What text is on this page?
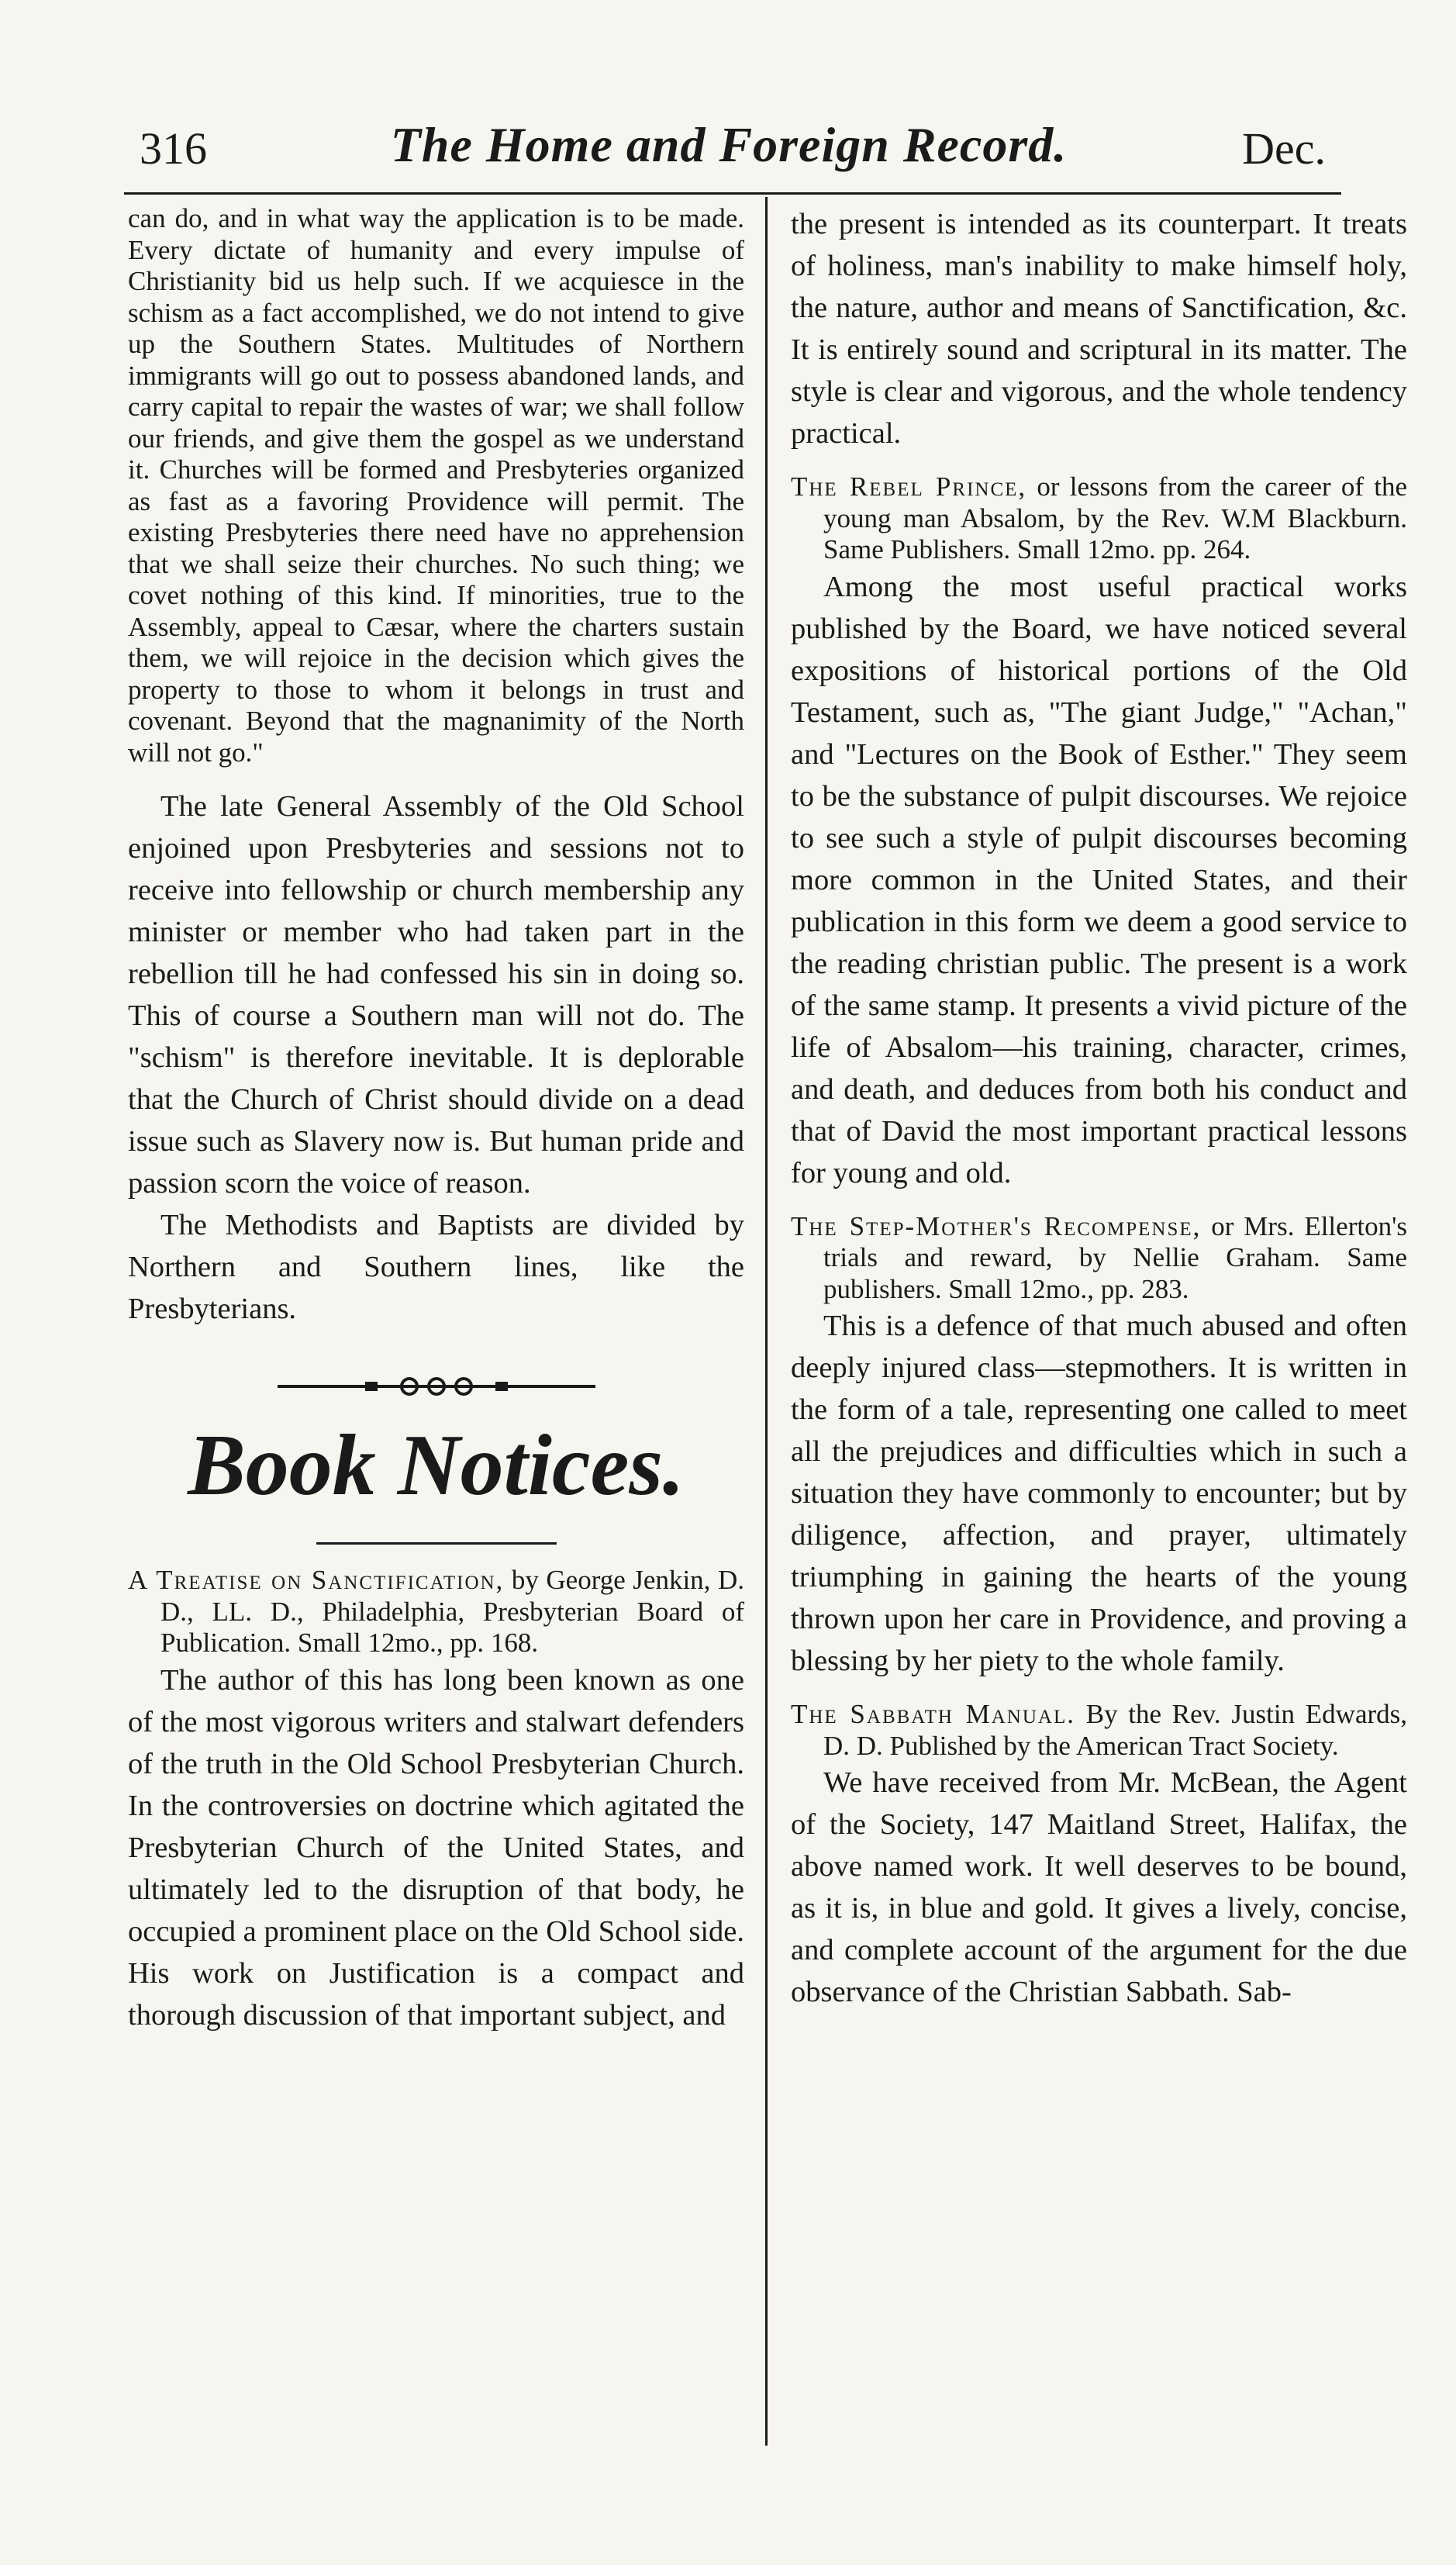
316	The Home and Foreign Record.	Dec.

can do, and in what way the application is to be made. Every dictate of humanity and every impulse of Christianity bid us help such. If we acquiesce in the schism as a fact accomplished, we do not intend to give up the Southern States. Multitudes of Northern immigrants will go out to possess abandoned lands, and carry capital to repair the wastes of war; we shall follow our friends, and give them the gospel as we understand it. Churches will be formed and Presbyteries organized as fast as a favoring Providence will permit. The existing Presbyteries there need have no apprehension that we shall seize their churches. No such thing; we covet nothing of this kind. If minorities, true to the Assembly, appeal to Cæsar, where the charters sustain them, we will rejoice in the decision which gives the property to those to whom it belongs in trust and covenant. Beyond that the magnanimity of the North will not go."

The late General Assembly of the Old School enjoined upon Presbyteries and sessions not to receive into fellowship or church membership any minister or member who had taken part in the rebellion till he had confessed his sin in doing so. This of course a Southern man will not do. The "schism" is therefore inevitable. It is deplorable that the Church of Christ should divide on a dead issue such as Slavery now is. But human pride and passion scorn the voice of reason.

The Methodists and Baptists are divided by Northern and Southern lines, like the Presbyterians.

Book Notices.

A Treatise on Sanctification, by George Jenkin, D. D., LL. D., Philadelphia, Presbyterian Board of Publication. Small 12mo., pp. 168.

The author of this has long been known as one of the most vigorous writers and stalwart defenders of the truth in the Old School Presbyterian Church. In the controversies on doctrine which agitated the Presbyterian Church of the United States, and ultimately led to the disruption of that body, he occupied a prominent place on the Old School side. His work on Justification is a compact and thorough discussion of that important subject, and

the present is intended as its counterpart. It treats of holiness, man's inability to make himself holy, the nature, author and means of Sanctification, &c. It is entirely sound and scriptural in its matter. The style is clear and vigorous, and the whole tendency practical.

The Rebel Prince, or lessons from the career of the young man Absalom, by the Rev. W.M Blackburn. Same Publishers. Small 12mo. pp. 264.

Among the most useful practical works published by the Board, we have noticed several expositions of historical portions of the Old Testament, such as, "The giant Judge," "Achan," and "Lectures on the Book of Esther." They seem to be the substance of pulpit discourses. We rejoice to see such a style of pulpit discourses becoming more common in the United States, and their publication in this form we deem a good service to the reading christian public. The present is a work of the same stamp. It presents a vivid picture of the life of Absalom—his training, character, crimes, and death, and deduces from both his conduct and that of David the most important practical lessons for young and old.

The Step-Mother's Recompense, or Mrs. Ellerton's trials and reward, by Nellie Graham. Same publishers. Small 12mo., pp. 283.

This is a defence of that much abused and often deeply injured class—stepmothers. It is written in the form of a tale, representing one called to meet all the prejudices and difficulties which in such a situation they have commonly to encounter; but by diligence, affection, and prayer, ultimately triumphing in gaining the hearts of the young thrown upon her care in Providence, and proving a blessing by her piety to the whole family.

The Sabbath Manual. By the Rev. Justin Edwards, D. D. Published by the American Tract Society.

We have received from Mr. McBean, the Agent of the Society, 147 Maitland Street, Halifax, the above named work. It well deserves to be bound, as it is, in blue and gold. It gives a lively, concise, and complete account of the argument for the due observance of the Christian Sabbath. Sab-
